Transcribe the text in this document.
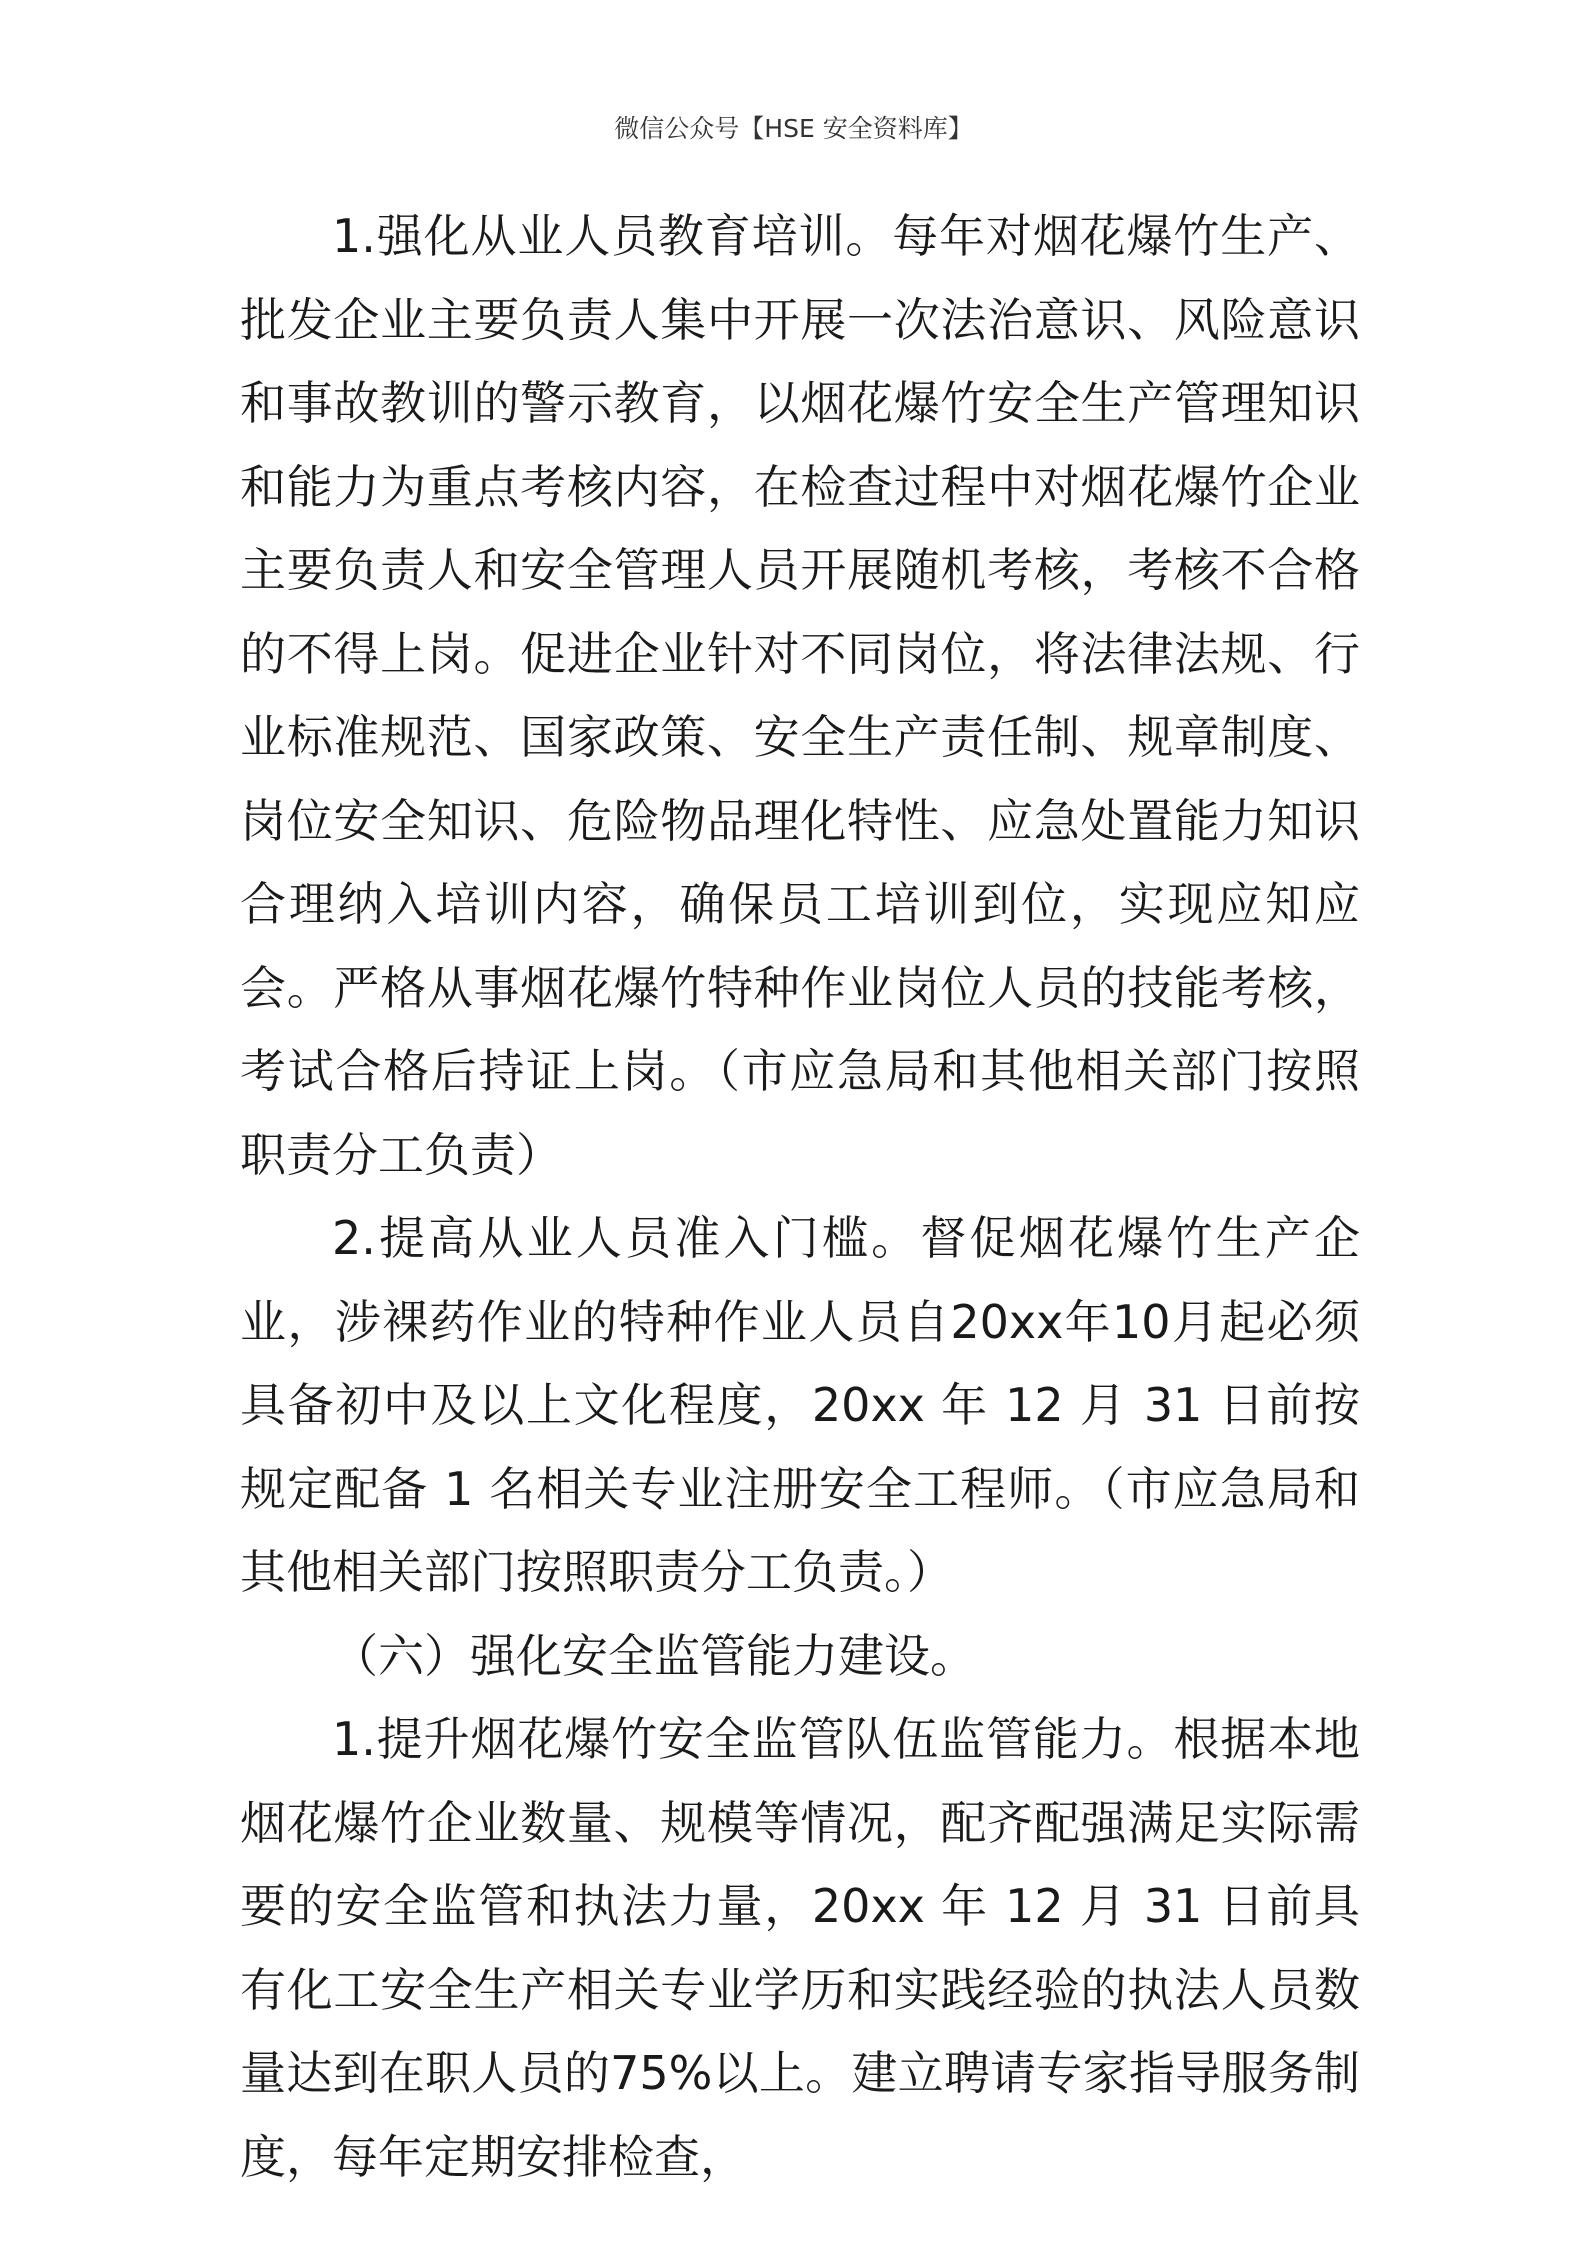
微信公众号【HSE 安全资料库】

1.强化从业人员教育培训。每年对烟花爆竹生产、批发企业主要负责人集中开展一次法治意识、风险意识和事故教训的警示教育，以烟花爆竹安全生产管理知识和能力为重点考核内容，在检查过程中对烟花爆竹企业主要负责人和安全管理人员开展随机考核，考核不合格的不得上岗。促进企业针对不同岗位，将法律法规、行业标准规范、国家政策、安全生产责任制、规章制度、岗位安全知识、危险物品理化特性、应急处置能力知识合理纳入培训内容，确保员工培训到位，实现应知应会。严格从事烟花爆竹特种作业岗位人员的技能考核，考试合格后持证上岗。（市应急局和其他相关部门按照职责分工负责）

2.提高从业人员准入门槛。督促烟花爆竹生产企业，涉裸药作业的特种作业人员自20xx年10月起必须具备初中及以上文化程度，20xx 年 12 月 31 日前按规定配备 1 名相关专业注册安全工程师。（市应急局和其他相关部门按照职责分工负责。）

（六）强化安全监管能力建设。

1.提升烟花爆竹安全监管队伍监管能力。根据本地烟花爆竹企业数量、规模等情况，配齐配强满足实际需要的安全监管和执法力量，20xx 年 12 月 31 日前具有化工安全生产相关专业学历和实践经验的执法人员数量达到在职人员的75%以上。建立聘请专家指导服务制度，每年定期安排检查，
